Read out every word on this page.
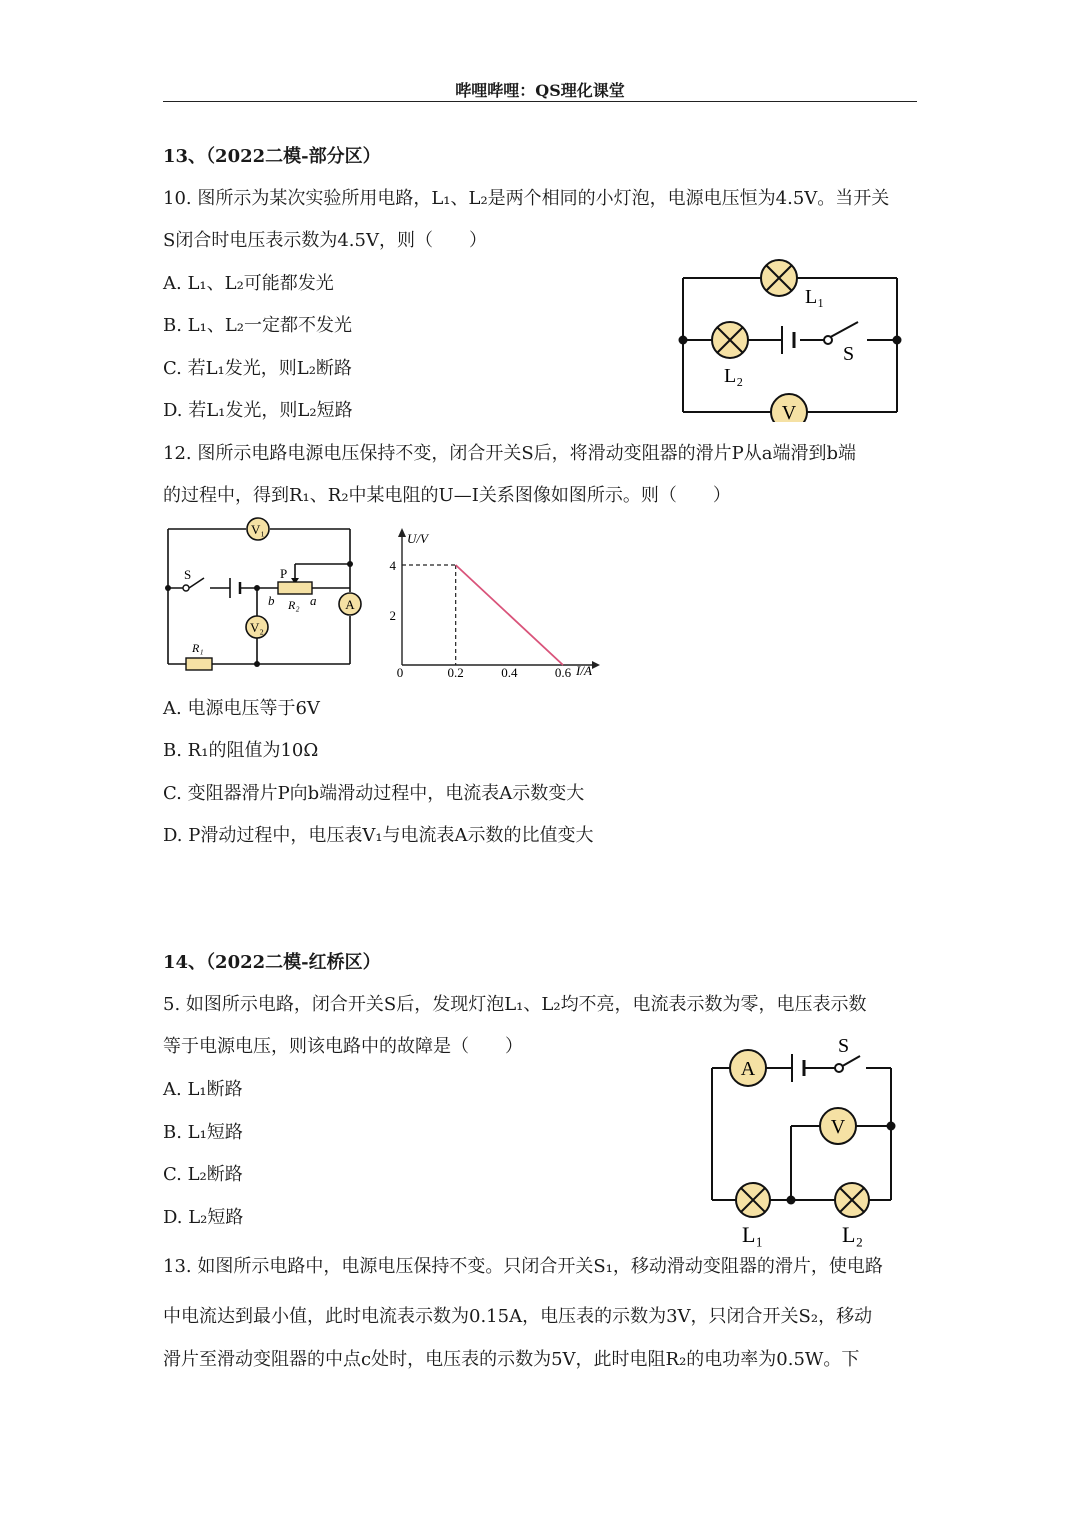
哔哩哔哩：QS理化课堂
13、（2022二模-部分区）
10. 图所示为某次实验所用电路，L₁、L₂是两个相同的小灯泡，电源电压恒为4.5V。当开关
S闭合时电压表示数为4.5V，则（　　）
A. L₁、L₂可能都发光
B. L₁、L₂一定都不发光
C. 若L₁发光，则L₂断路
D. 若L₁发光，则L₂短路
L₁
L₂
S
V
12. 图所示电路电源电压保持不变，闭合开关S后，将滑动变阻器的滑片P从a端滑到b端
的过程中，得到R₁、R₂中某电阻的U—I关系图像如图所示。则（　　）
V₁
A
V₂
S	P
b R₂ a
R₁
U/V
I/A
0	0.2	0.4	0.6
2
4
A. 电源电压等于6V
B. R₁的阻值为10Ω
C. 变阻器滑片P向b端滑动过程中，电流表A示数变大
D. P滑动过程中，电压表V₁与电流表A示数的比值变大
14、（2022二模-红桥区）
5. 如图所示电路，闭合开关S后，发现灯泡L₁、L₂均不亮，电流表示数为零，电压表示数
等于电源电压，则该电路中的故障是（　　）
A. L₁断路
B. L₁短路
C. L₂断路
D. L₂短路
A
S
V
L₁	L₂
13. 如图所示电路中，电源电压保持不变。只闭合开关S₁，移动滑动变阻器的滑片，使电路
中电流达到最小值，此时电流表示数为0.15A，电压表的示数为3V，只闭合开关S₂，移动
滑片至滑动变阻器的中点c处时，电压表的示数为5V，此时电阻R₂的电功率为0.5W。下
